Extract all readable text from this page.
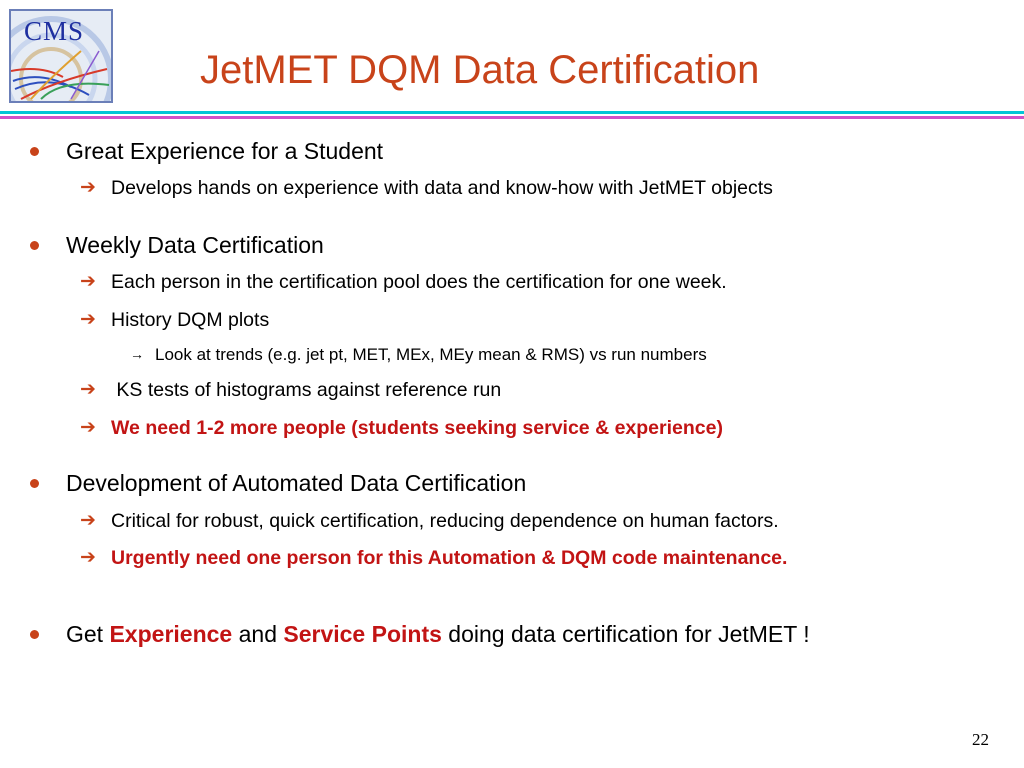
CMS
JetMET DQM Data Certification
Great Experience for a Student
➔ Develops hands on experience with data and know-how with JetMET objects
Weekly Data Certification
➔ Each person in the certification pool does the certification for one week.
➔ History DQM plots
→ Look at trends (e.g. jet pt, MET, MEx, MEy mean & RMS) vs run numbers
➔ KS tests of histograms against reference run
➔ We need 1-2 more people (students seeking service & experience)
Development of Automated Data Certification
➔ Critical for robust, quick certification, reducing dependence on human factors.
➔ Urgently need one person for this Automation & DQM code maintenance.
Get Experience and Service Points doing data certification for JetMET !
22
